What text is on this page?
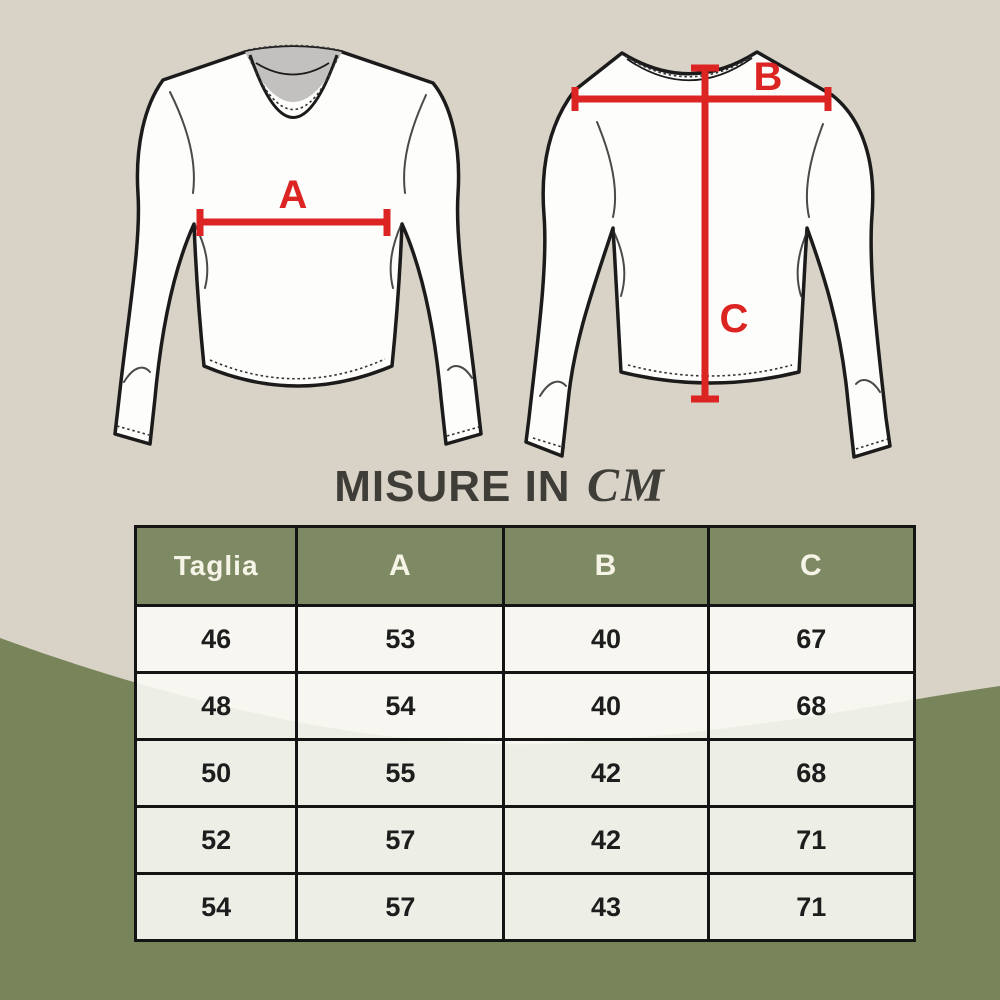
A
B
C
MISURE IN CM
Taglia	A	B	C
46	53	40	67
48	54	40	68
50	55	42	68
52	57	42	71
54	57	43	71
